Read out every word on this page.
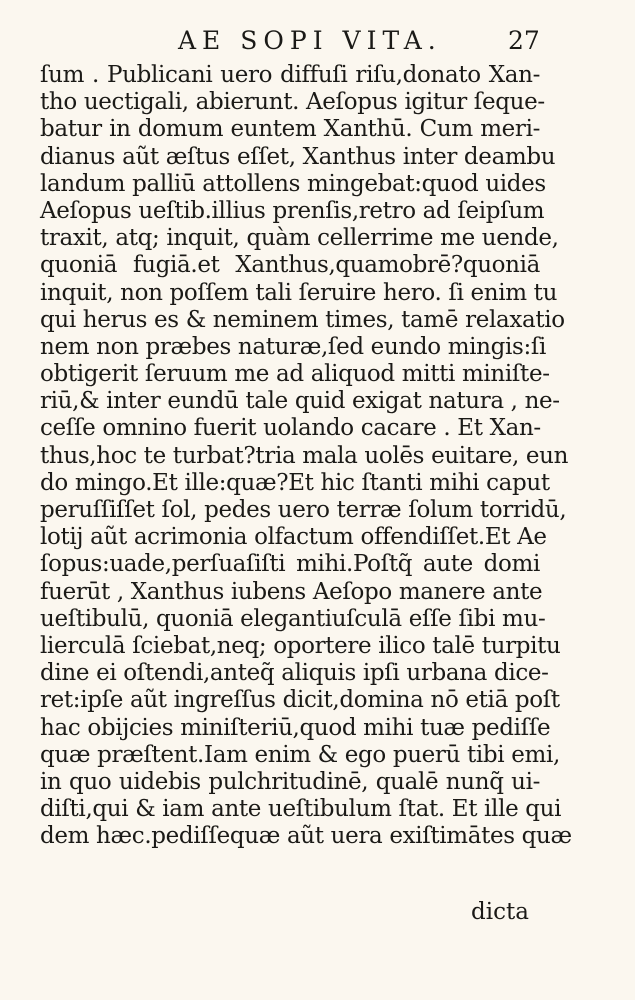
AE SOPI VITA.	27
ſum . Publicani uero diffuſi riſu,donato Xan-
tho uectigali, abierunt. Aeſopus igitur ſeque-
batur in domum euntem Xanthū. Cum meri-
dianus aũt æſtus eſſet, Xanthus inter deambu
landum palliū attollens mingebat:quod uides
Aeſopus ueſtib.illius prenſis,retro ad ſeipſum
traxit, atq; inquit, quàm cellerrime me uende,
quoniā fugiā.et Xanthus,quamobrē?quoniā
inquit, non poſſem tali ſeruire hero. ſi enim tu
qui herus es & neminem times, tamē relaxatio
nem non præbes naturæ,ſed eundo mingis:ſi
obtigerit ſeruum me ad aliquod mitti miniſte-
riū,& inter eundū tale quid exigat natura , ne-
ceſſe omnino fuerit uolando cacare . Et Xan-
thus,hoc te turbat?tria mala uolēs euitare, eun
do mingo.Et ille:quæ?Et hic ſtanti mihi caput
peruſſiſſet ſol, pedes uero terræ ſolum torridū,
lotij aũt acrimonia olfactum offendiſſet.Et Ae
ſopus:uade,perſuaſiſti mihi.Poſtq̃ aute domi
fuerūt , Xanthus iubens Aeſopo manere ante
ueſtibulū, quoniā elegantiuſculā eſſe ſibi mu-
lierculā ſciebat,neq; oportere ilico talē turpitu
dine ei oſtendi,anteq̃ aliquis ipſi urbana dice-
ret:ipſe aũt ingreſſus dicit,domina nō etiā poſt
hac obijcies miniſteriū,quod mihi tuæ pediſſe
quæ præſtent.Iam enim & ego puerū tibi emi,
in quo uidebis pulchritudinē, qualē nunq̃ ui-
diſti,qui & iam ante ueſtibulum ſtat. Et ille qui
dem hæc.pediſſequæ aũt uera exiſtimātes quæ
dicta
